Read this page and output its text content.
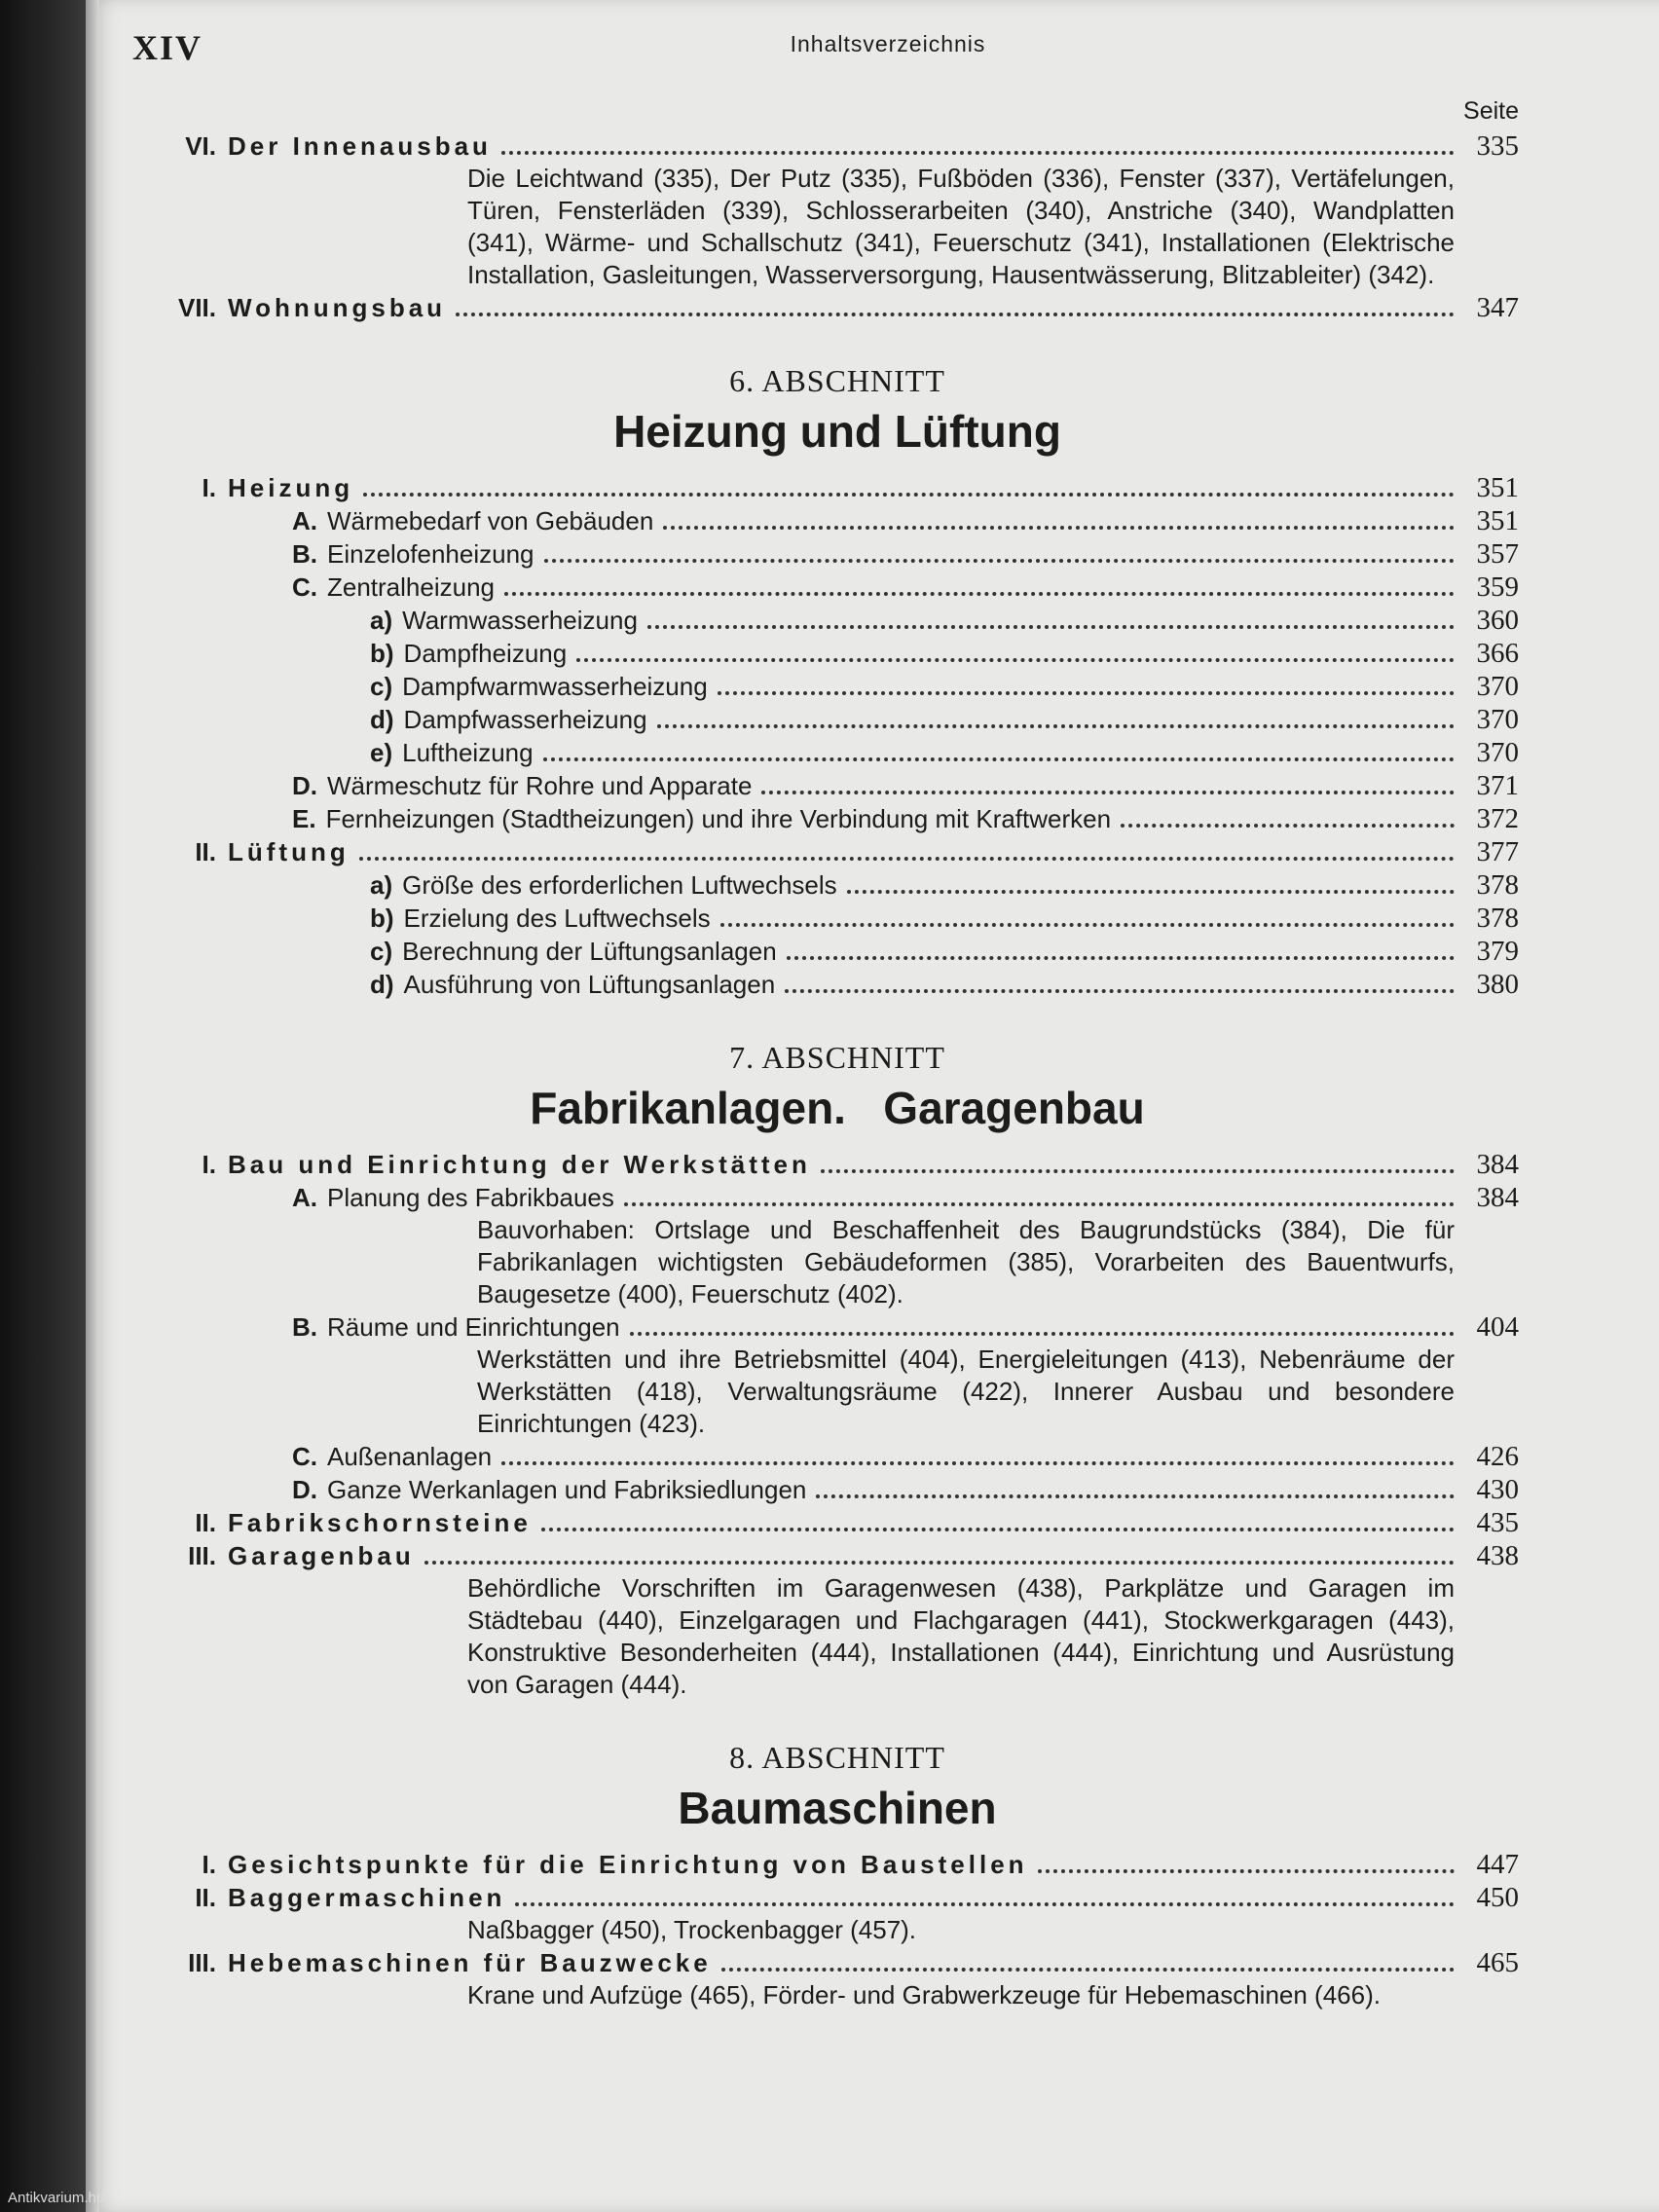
XIV	Inhaltsverzeichnis
Seite
VI. Der Innenausbau	335
Die Leichtwand (335), Der Putz (335), Fußböden (336), Fenster (337), Vertäfelungen, Türen, Fensterläden (339), Schlosserarbeiten (340), Anstriche (340), Wandplatten (341), Wärme- und Schallschutz (341), Feuerschutz (341), Installationen (Elektrische Installation, Gasleitungen, Wasserversorgung, Hausentwässerung, Blitzableiter) (342).
VII. Wohnungsbau	347
6. ABSCHNITT
Heizung und Lüftung
I. Heizung	351
A. Wärmebedarf von Gebäuden	351
B. Einzelofenheizung	357
C. Zentralheizung	359
a) Warmwasserheizung	360
b) Dampfheizung	366
c) Dampfwarmwasserheizung	370
d) Dampfwasserheizung	370
e) Luftheizung	370
D. Wärmeschutz für Rohre und Apparate	371
E. Fernheizungen (Stadtheizungen) und ihre Verbindung mit Kraftwerken	372
II. Lüftung	377
a) Größe des erforderlichen Luftwechsels	378
b) Erzielung des Luftwechsels	378
c) Berechnung der Lüftungsanlagen	379
d) Ausführung von Lüftungsanlagen	380
7. ABSCHNITT
Fabrikanlagen.   Garagenbau
I. Bau und Einrichtung der Werkstätten	384
A. Planung des Fabrikbaues	384
Bauvorhaben: Ortslage und Beschaffenheit des Baugrundstücks (384), Die für Fabrikanlagen wichtigsten Gebäudeformen (385), Vorarbeiten des Bauentwurfs, Baugesetze (400), Feuerschutz (402).
B. Räume und Einrichtungen	404
Werkstätten und ihre Betriebsmittel (404), Energieleitungen (413), Nebenräume der Werkstätten (418), Verwaltungsräume (422), Innerer Ausbau und besondere Einrichtungen (423).
C. Außenanlagen	426
D. Ganze Werkanlagen und Fabriksiedlungen	430
II. Fabrikschornsteine	435
III. Garagenbau	438
Behördliche Vorschriften im Garagenwesen (438), Parkplätze und Garagen im Städtebau (440), Einzelgaragen und Flachgaragen (441), Stockwerkgaragen (443), Konstruktive Besonderheiten (444), Installationen (444), Einrichtung und Ausrüstung von Garagen (444).
8. ABSCHNITT
Baumaschinen
I. Gesichtspunkte für die Einrichtung von Baustellen	447
II. Baggermaschinen	450
Naßbagger (450), Trockenbagger (457).
III. Hebemaschinen für Bauzwecke	465
Krane und Aufzüge (465), Förder- und Grabwerkzeuge für Hebemaschinen (466).
Antikvarium.hu
